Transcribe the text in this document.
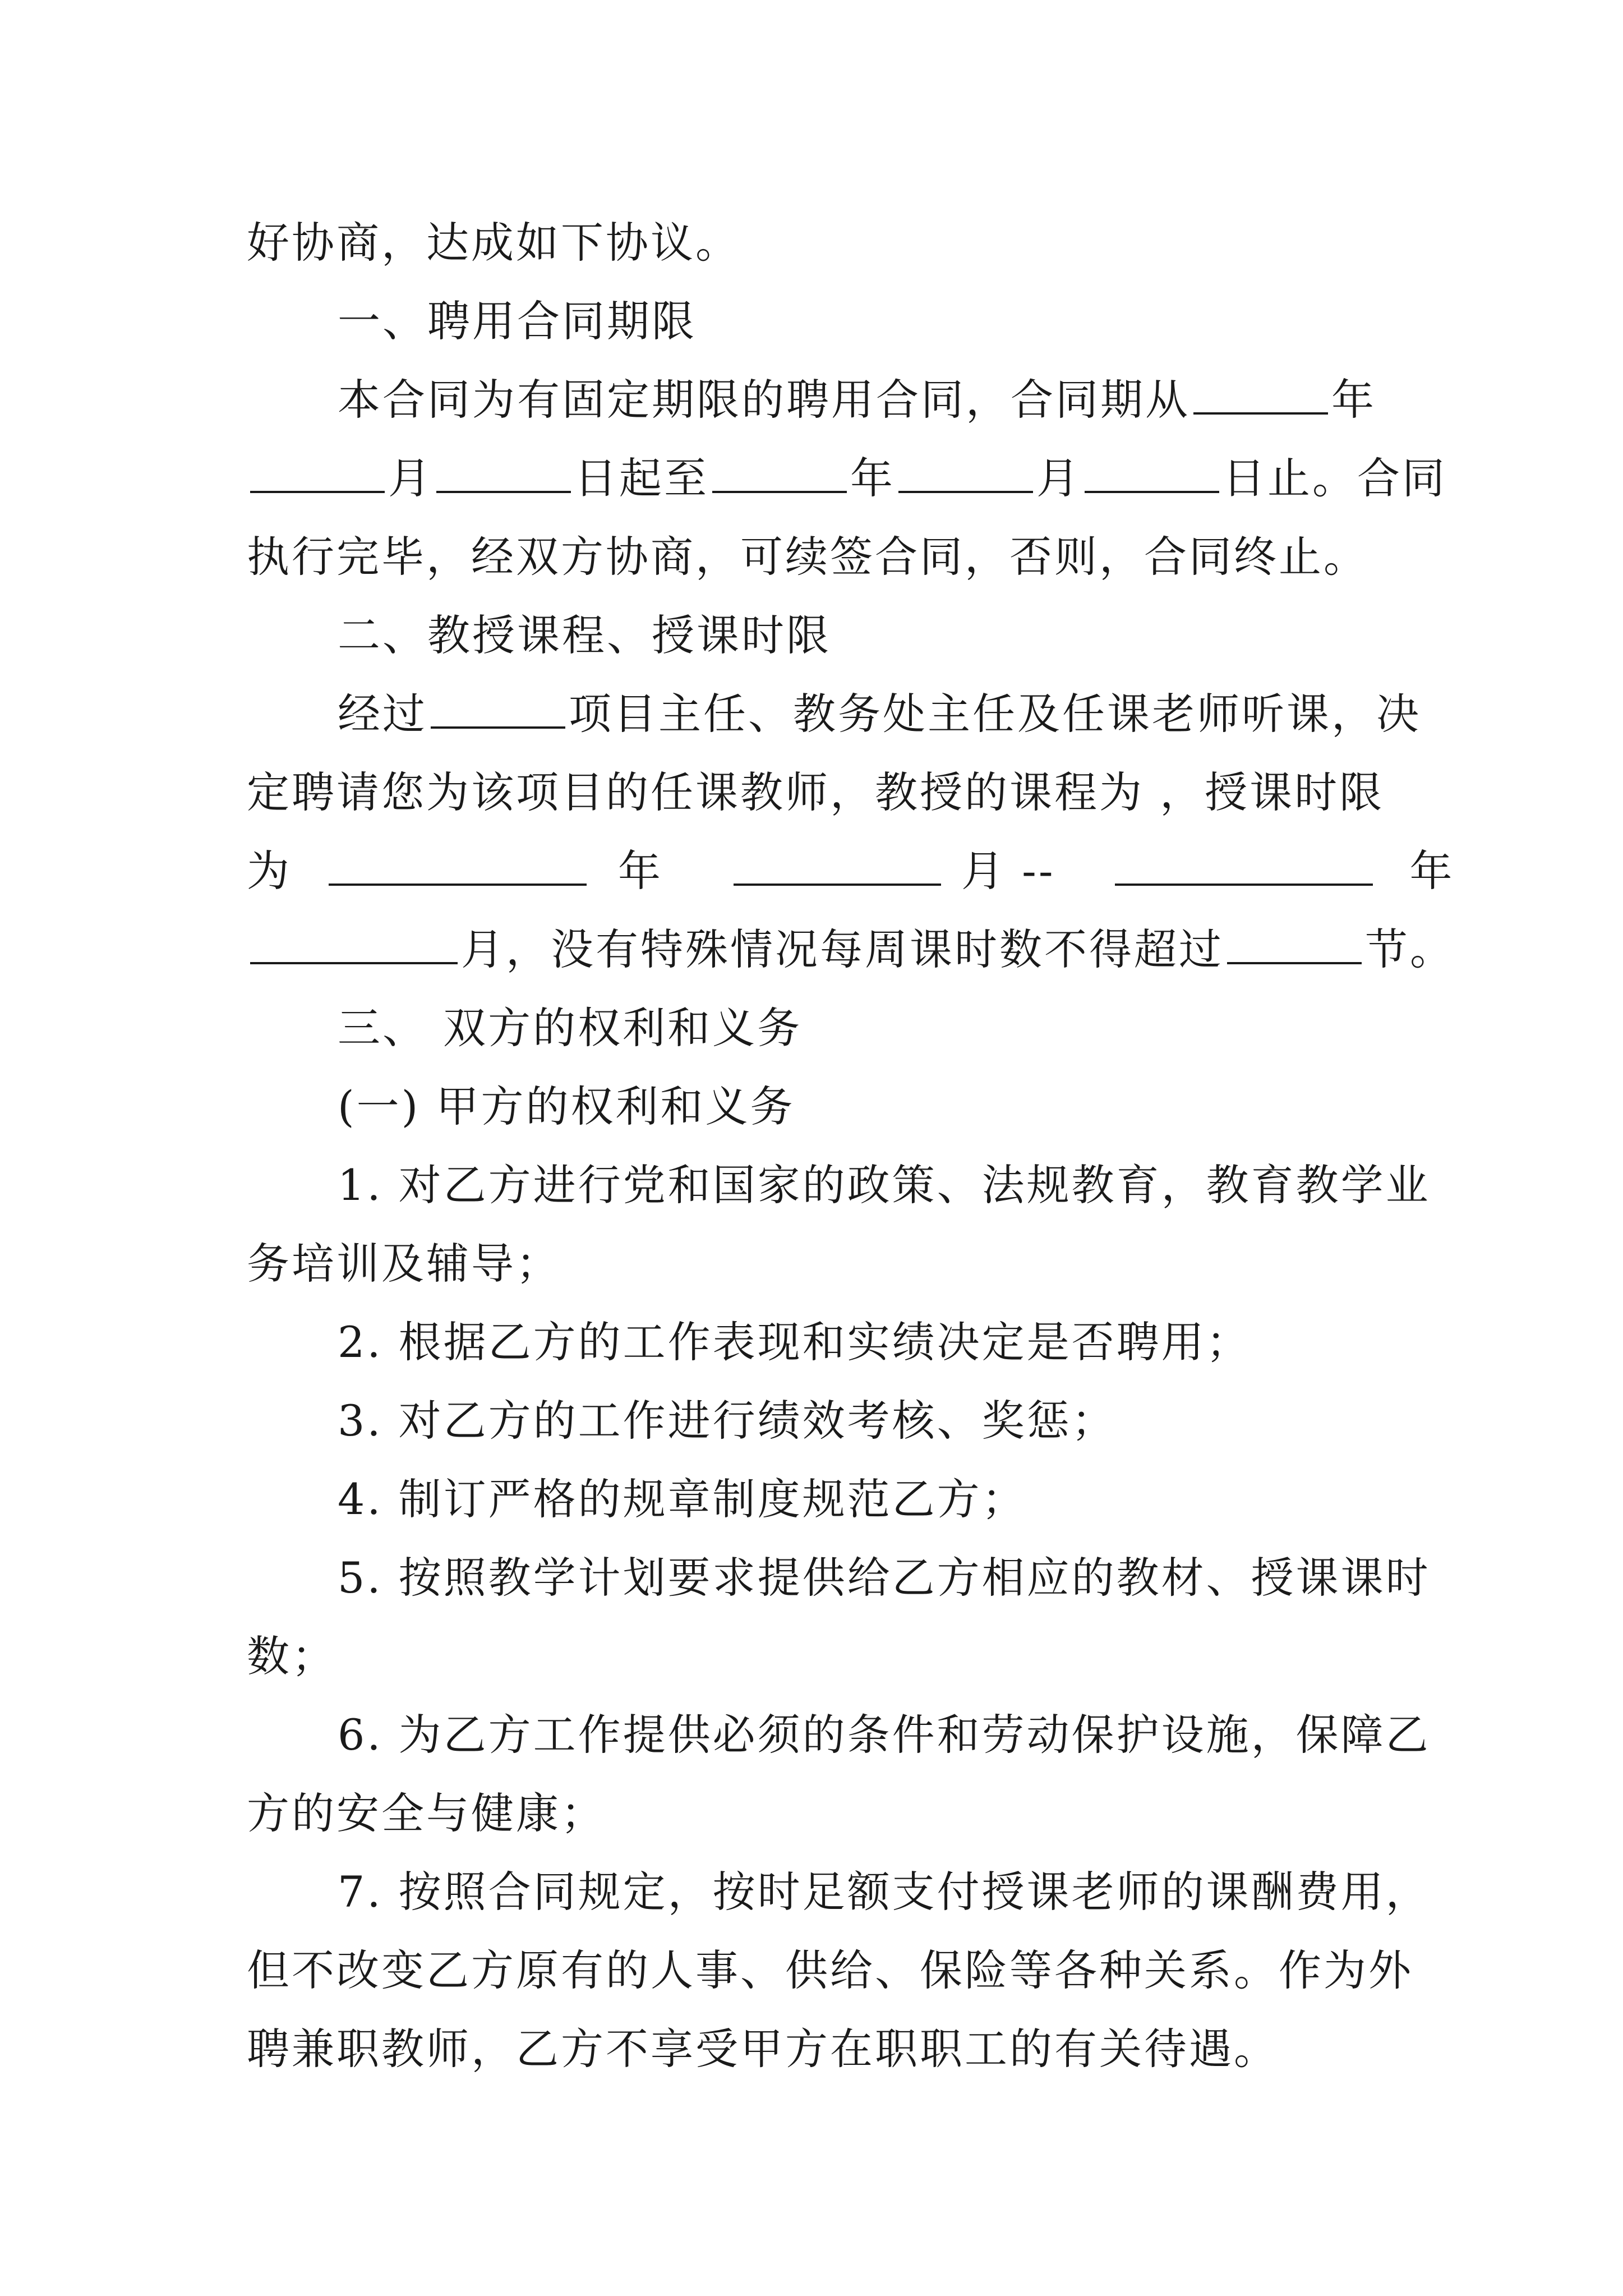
好协商，达成如下协议。
一、聘用合同期限
本合同为有固定期限的聘用合同，合同期从	年
月	日起至	年	月	日止。合同
执行完毕，经双方协商，可续签合同，否则，合同终止。
二、教授课程、授课时限
经过	项目主任、教务处主任及任课老师听课，决
定聘请您为该项目的任课教师，教授的课程为 ，授课时限
为	年	月 --	年
月，没有特殊情况每周课时数不得超过	节。
三、 双方的权利和义务
(一) 甲方的权利和义务
1. 对乙方进行党和国家的政策、法规教育，教育教学业
务培训及辅导；
2. 根据乙方的工作表现和实绩决定是否聘用；
3. 对乙方的工作进行绩效考核、奖惩；
4. 制订严格的规章制度规范乙方；
5. 按照教学计划要求提供给乙方相应的教材、授课课时
数；
6. 为乙方工作提供必须的条件和劳动保护设施，保障乙
方的安全与健康；
7. 按照合同规定，按时足额支付授课老师的课酬费用，
但不改变乙方原有的人事、供给、保险等各种关系。作为外
聘兼职教师，乙方不享受甲方在职职工的有关待遇。
